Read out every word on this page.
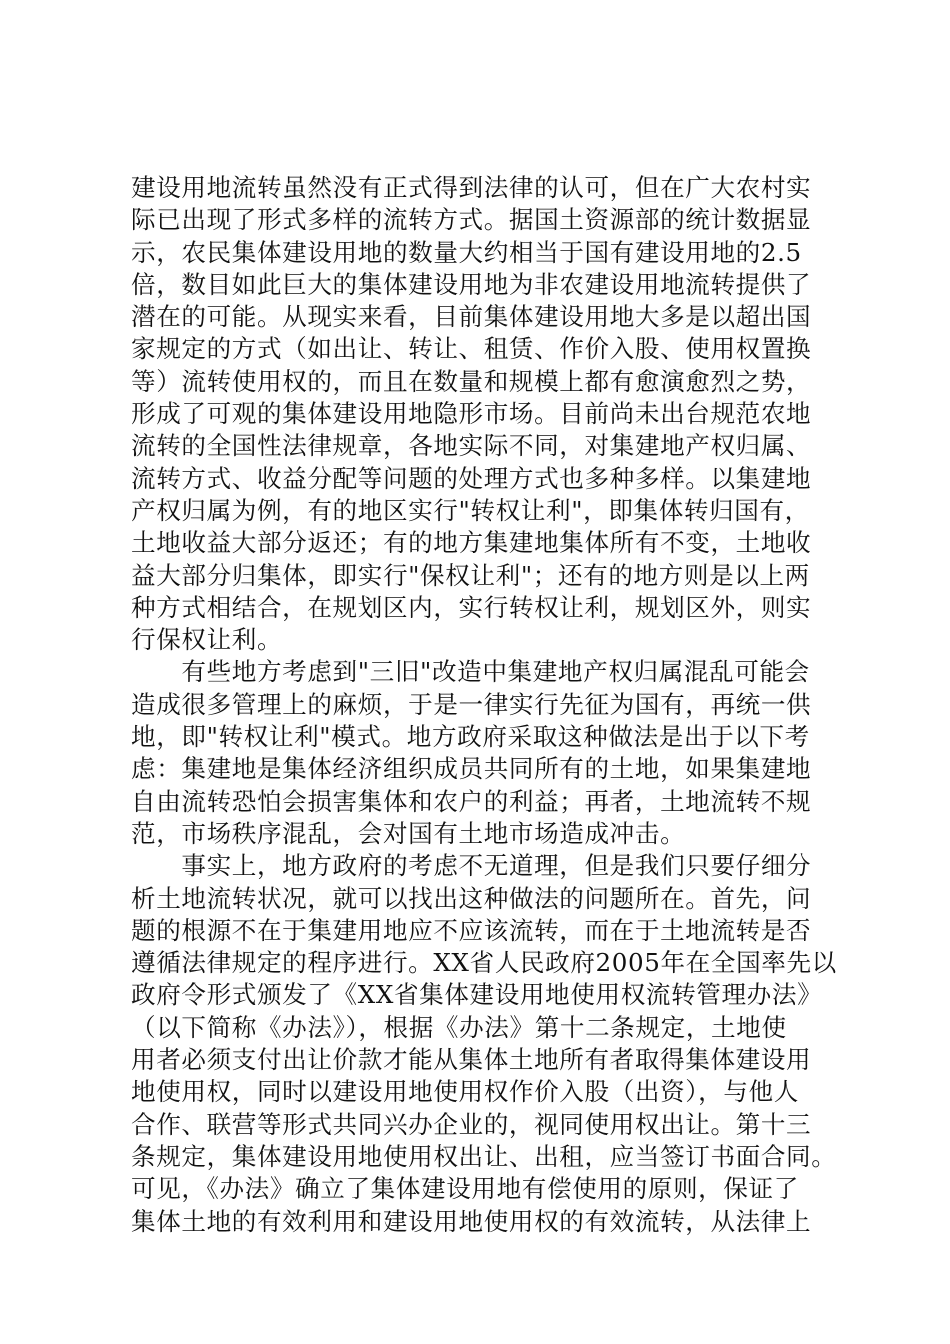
建设用地流转虽然没有正式得到法律的认可，但在广大农村实
际已出现了形式多样的流转方式。据国土资源部的统计数据显
示，农民集体建设用地的数量大约相当于国有建设用地的2.5
倍，数目如此巨大的集体建设用地为非农建设用地流转提供了
潜在的可能。从现实来看，目前集体建设用地大多是以超出国
家规定的方式（如出让、转让、租赁、作价入股、使用权置换
等）流转使用权的，而且在数量和规模上都有愈演愈烈之势，
形成了可观的集体建设用地隐形市场。目前尚未出台规范农地
流转的全国性法律规章，各地实际不同，对集建地产权归属、
流转方式、收益分配等问题的处理方式也多种多样。以集建地
产权归属为例，有的地区实行"转权让利"，即集体转归国有，
土地收益大部分返还；有的地方集建地集体所有不变，土地收
益大部分归集体，即实行"保权让利"；还有的地方则是以上两
种方式相结合，在规划区内，实行转权让利，规划区外，则实
行保权让利。
　　有些地方考虑到"三旧"改造中集建地产权归属混乱可能会
造成很多管理上的麻烦，于是一律实行先征为国有，再统一供
地，即"转权让利"模式。地方政府采取这种做法是出于以下考
虑：集建地是集体经济组织成员共同所有的土地，如果集建地
自由流转恐怕会损害集体和农户的利益；再者，土地流转不规
范，市场秩序混乱，会对国有土地市场造成冲击。
　　事实上，地方政府的考虑不无道理，但是我们只要仔细分
析土地流转状况，就可以找出这种做法的问题所在。首先，问
题的根源不在于集建用地应不应该流转，而在于土地流转是否
遵循法律规定的程序进行。XX省人民政府2005年在全国率先以
政府令形式颁发了《XX省集体建设用地使用权流转管理办法》
（以下简称《办法》），根据《办法》第十二条规定，土地使
用者必须支付出让价款才能从集体土地所有者取得集体建设用
地使用权，同时以建设用地使用权作价入股（出资），与他人
合作、联营等形式共同兴办企业的，视同使用权出让。第十三
条规定，集体建设用地使用权出让、出租，应当签订书面合同。
可见，《办法》确立了集体建设用地有偿使用的原则，保证了
集体土地的有效利用和建设用地使用权的有效流转，从法律上
